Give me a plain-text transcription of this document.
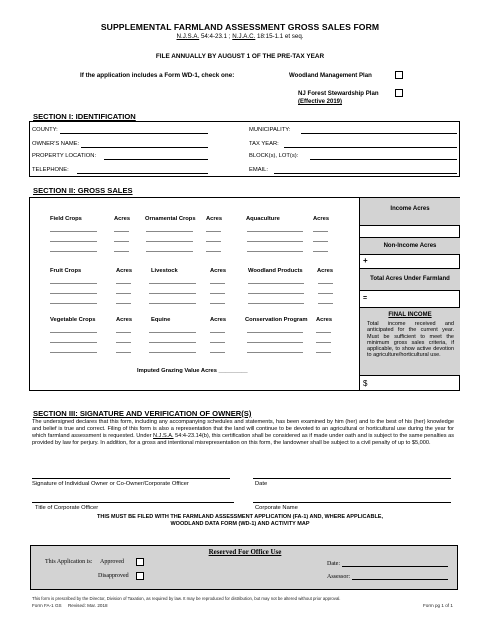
SUPPLEMENTAL FARMLAND ASSESSMENT GROSS SALES FORM
N.J.S.A. 54:4-23.1 ; N.J.A.C. 18:15-1.1 et seq.
FILE ANNUALLY BY AUGUST 1 OF THE PRE-TAX YEAR
If the application includes a Form WD-1, check one:	Woodland Management Plan
NJ Forest Stewardship Plan
(Effective 2019)
SECTION I: IDENTIFICATION
COUNTY:	MUNICIPALITY:
OWNER'S NAME:	TAX YEAR:
PROPERTY LOCATION:	BLOCK(s), LOT(s):
TELEPHONE:	EMAIL:
SECTION II: GROSS SALES
Field Crops	Acres	Ornamental Crops Acres	Aquaculture	Acres
Fruit Crops	Acres	Livestock	Acres	Woodland Products Acres
Vegetable Crops	Acres	Equine	Acres	Conservation Program Acres
Imputed Grazing Value Acres _________
Income Acres
Non-Income Acres
+
Total Acres Under Farmland
=
FINAL INCOME
Total income received and anticipated for the current year. Must be sufficient to meet the minimum gross sales criteria, if applicable, to show active devotion to agriculture/horticultural use.
$
SECTION III: SIGNATURE AND VERIFICATION OF OWNER(S)
The undersigned declares that this form, including any accompanying schedules and statements, has been examined by him (her) and to the best of his (her) knowledge and belief is true and correct. Filing of this form is also a representation that the land will continue to be devoted to an agricultural or horticultural use during the year for which farmland assessment is requested. Under N.J.S.A. 54:4-23.14(b), this certification shall be considered as if made under oath and is subject to the same penalties as provided by law for perjury. In addition, for a gross and intentional misrepresentation on this form, the landowner shall be subject to a civil penalty of up to $5,000.
Signature of Individual Owner or Co-Owner/Corporate Officer	Date
Title of Corporate Officer	Corporate Name
THIS MUST BE FILED WITH THE FARMLAND ASSESSMENT APPLICATION (FA-1) AND, WHERE APPLICABLE,
WOODLAND DATA FORM (WD-1) AND ACTIVITY MAP
Reserved For Office Use
This Application is: Approved
Disapproved
Date:
Assessor:
This form is prescribed by the Director, Division of Taxation, as required by law. It may be reproduced for distribution, but may not be altered without prior approval.
Form FA-1 GS     Revised: Mar. 2018	Form pg 1 of 1
